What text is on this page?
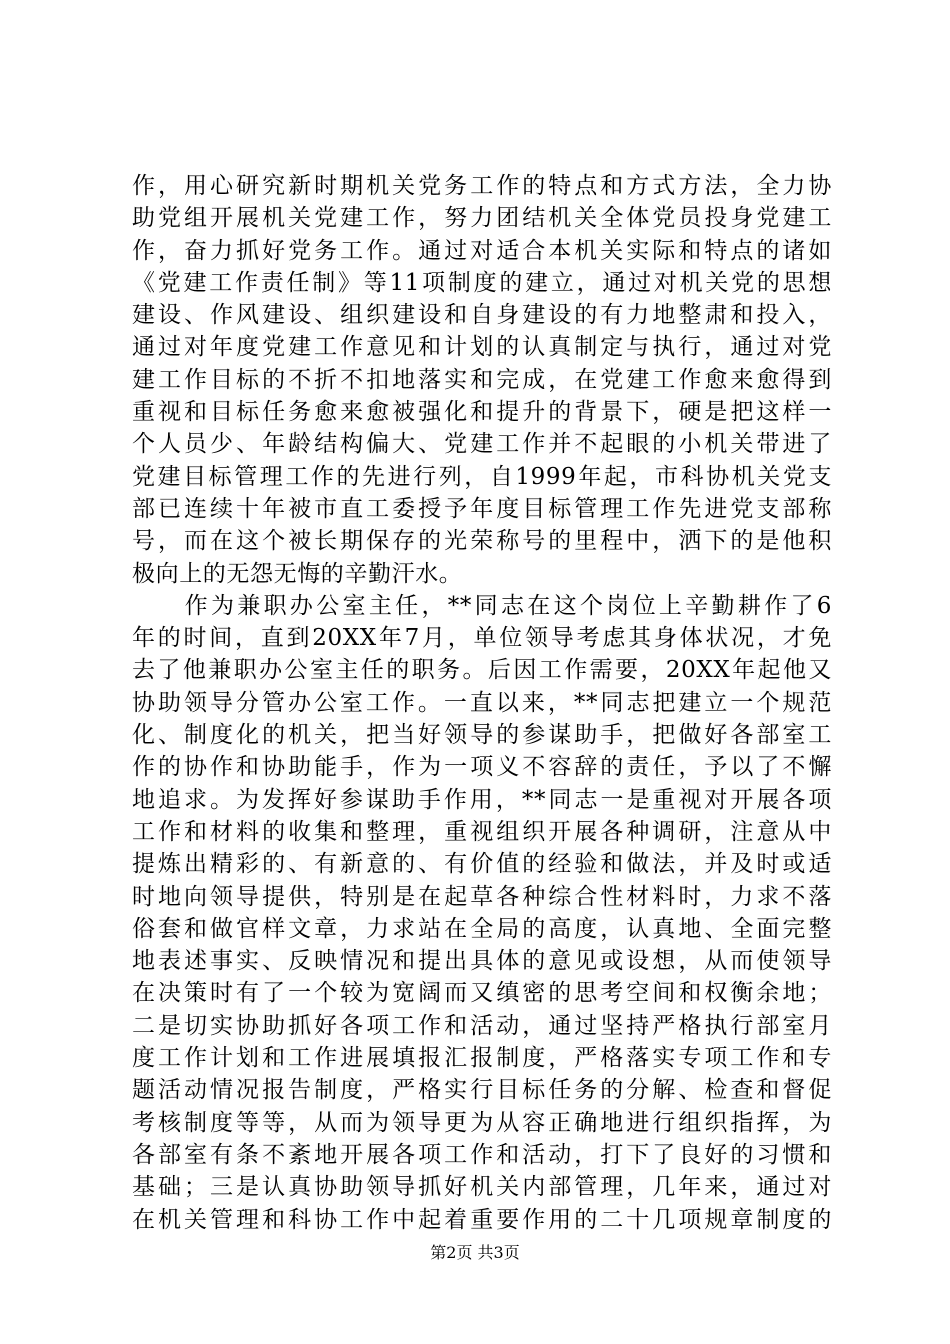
作，用心研究新时期机关党务工作的特点和方式方法，全力协
助党组开展机关党建工作，努力团结机关全体党员投身党建工
作，奋力抓好党务工作。通过对适合本机关实际和特点的诸如
《党建工作责任制》等11项制度的建立，通过对机关党的思想
建设、作风建设、组织建设和自身建设的有力地整肃和投入，
通过对年度党建工作意见和计划的认真制定与执行，通过对党
建工作目标的不折不扣地落实和完成，在党建工作愈来愈得到
重视和目标任务愈来愈被强化和提升的背景下，硬是把这样一
个人员少、年龄结构偏大、党建工作并不起眼的小机关带进了
党建目标管理工作的先进行列，自1999年起，市科协机关党支
部已连续十年被市直工委授予年度目标管理工作先进党支部称
号，而在这个被长期保存的光荣称号的里程中，洒下的是他积
极向上的无怨无悔的辛勤汗水。
　　作为兼职办公室主任，**同志在这个岗位上辛勤耕作了6
年的时间，直到20XX年7月，单位领导考虑其身体状况，才免
去了他兼职办公室主任的职务。后因工作需要，20XX年起他又
协助领导分管办公室工作。一直以来，**同志把建立一个规范
化、制度化的机关，把当好领导的参谋助手，把做好各部室工
作的协作和协助能手，作为一项义不容辞的责任，予以了不懈
地追求。为发挥好参谋助手作用，**同志一是重视对开展各项
工作和材料的收集和整理，重视组织开展各种调研，注意从中
提炼出精彩的、有新意的、有价值的经验和做法，并及时或适
时地向领导提供，特别是在起草各种综合性材料时，力求不落
俗套和做官样文章，力求站在全局的高度，认真地、全面完整
地表述事实、反映情况和提出具体的意见或设想，从而使领导
在决策时有了一个较为宽阔而又缜密的思考空间和权衡余地；
二是切实协助抓好各项工作和活动，通过坚持严格执行部室月
度工作计划和工作进展填报汇报制度，严格落实专项工作和专
题活动情况报告制度，严格实行目标任务的分解、检查和督促
考核制度等等，从而为领导更为从容正确地进行组织指挥，为
各部室有条不紊地开展各项工作和活动，打下了良好的习惯和
基础；三是认真协助领导抓好机关内部管理，几年来，通过对
在机关管理和科协工作中起着重要作用的二十几项规章制度的
第2页 共3页
